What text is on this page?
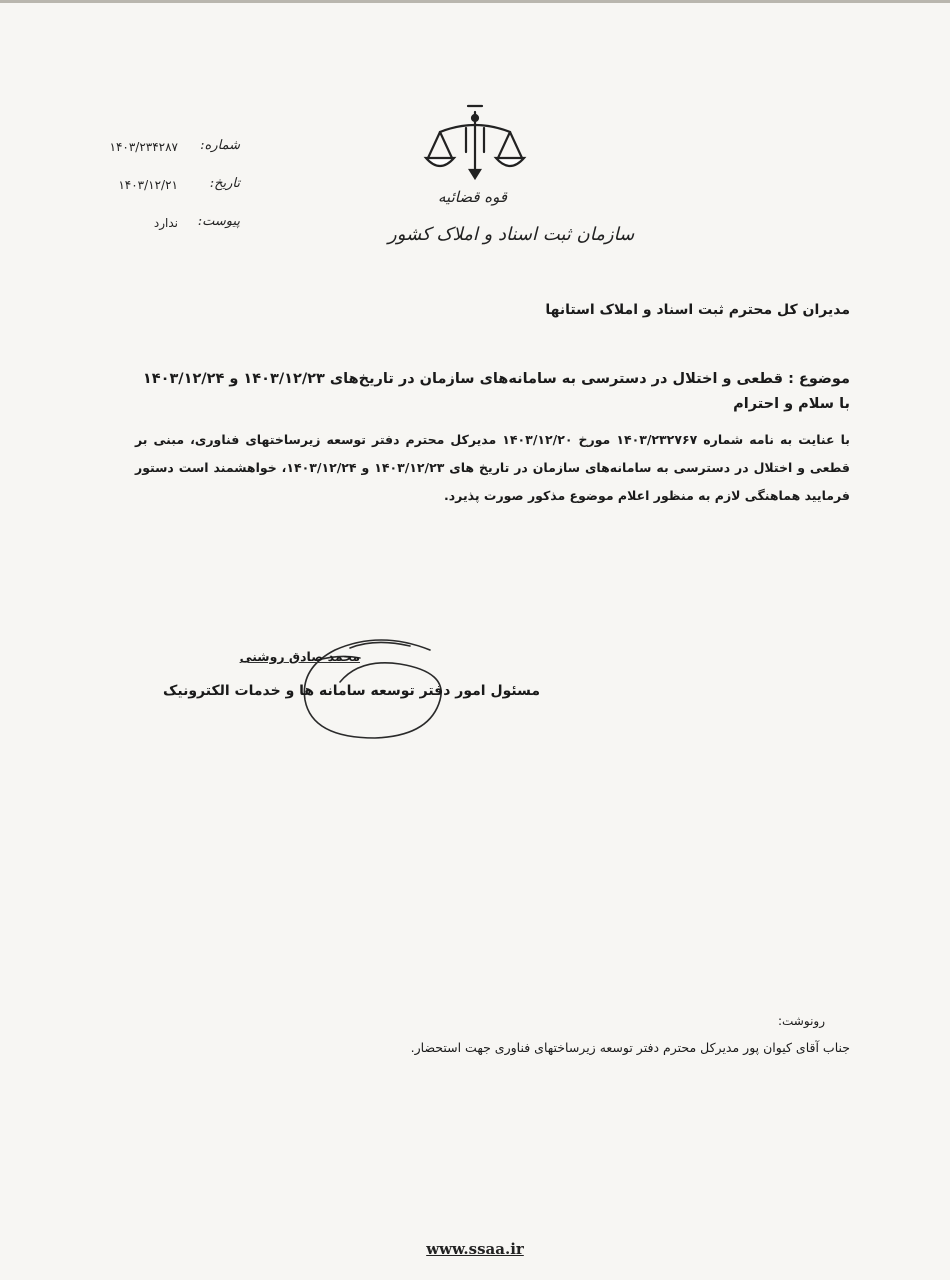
قوه قضائیه
سازمان ثبت اسناد و املاک کشور
شماره:
۱۴۰۳/۲۳۴۲۸۷
تاریخ:
۱۴۰۳/۱۲/۲۱
پیوست:
ندارد
مدیران کل محترم ثبت اسناد و املاک استانها
موضوع : قطعی و اختلال در دسترسی به سامانه‌های سازمان در تاریخ‌های ۱۴۰۳/۱۲/۲۳ و ۱۴۰۳/۱۲/۲۴
با سلام و احترام
با عنایت به نامه شماره ۱۴۰۳/۲۳۲۷۶۷ مورخ ۱۴۰۳/۱۲/۲۰ مدیرکل محترم دفتر توسعه زیرساختهای فناوری، مبنی بر قطعی و اختلال در دسترسی به سامانه‌های سازمان در تاریخ های ۱۴۰۳/۱۲/۲۳ و ۱۴۰۳/۱۲/۲۴، خواهشمند است دستور فرمایید هماهنگی لازم به منظور اعلام موضوع مذکور صورت پذیرد.
محمد صادق روشنی
مسئول امور دفتر توسعه سامانه ها و خدمات الکترونیک
رونوشت:
جناب آقای کیوان پور مدیرکل محترم دفتر توسعه زیرساختهای فناوری جهت استحضار.
www.ssaa.ir
